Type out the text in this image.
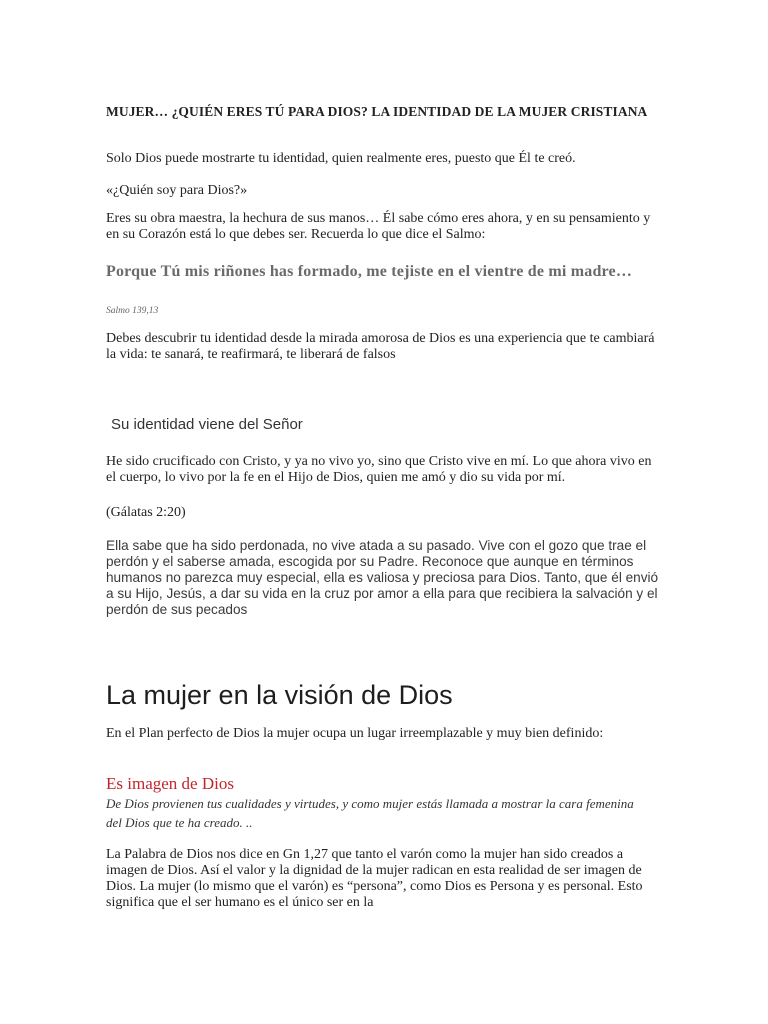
MUJER… ¿QUIÉN ERES TÚ PARA DIOS? LA IDENTIDAD DE LA MUJER CRISTIANA

Solo Dios puede mostrarte tu identidad, quien realmente eres, puesto que Él te creó.

«¿Quién soy para Dios?»

Eres su obra maestra, la hechura de sus manos… Él sabe cómo eres ahora, y en su pensamiento y en su Corazón está lo que debes ser. Recuerda lo que dice el Salmo:

Porque Tú mis riñones has formado, me tejiste en el vientre de mi madre…

Salmo 139,13

Debes descubrir tu identidad desde la mirada amorosa de Dios es una experiencia que te cambiará la vida: te sanará, te reafirmará, te liberará de falsos

Su identidad viene del Señor

He sido crucificado con Cristo, y ya no vivo yo, sino que Cristo vive en mí. Lo que ahora vivo en el cuerpo, lo vivo por la fe en el Hijo de Dios, quien me amó y dio su vida por mí.

(Gálatas 2:20)

Ella sabe que ha sido perdonada, no vive atada a su pasado. Vive con el gozo que trae el perdón y el saberse amada, escogida por su Padre. Reconoce que aunque en términos humanos no parezca muy especial, ella es valiosa y preciosa para Dios. Tanto, que él envió a su Hijo, Jesús, a dar su vida en la cruz por amor a ella para que recibiera la salvación y el perdón de sus pecados

La mujer en la visión de Dios

En el Plan perfecto de Dios la mujer ocupa un lugar irreemplazable y muy bien definido:

Es imagen de Dios

De Dios provienen tus cualidades y virtudes, y como mujer estás llamada a mostrar la cara femenina del Dios que te ha creado. ..

La Palabra de Dios nos dice en Gn 1,27 que tanto el varón como la mujer han sido creados a imagen de Dios. Así el valor y la dignidad de la mujer radican en esta realidad de ser imagen de Dios. La mujer (lo mismo que el varón) es “persona”, como Dios es Persona y es personal. Esto significa que el ser humano es el único ser en la
